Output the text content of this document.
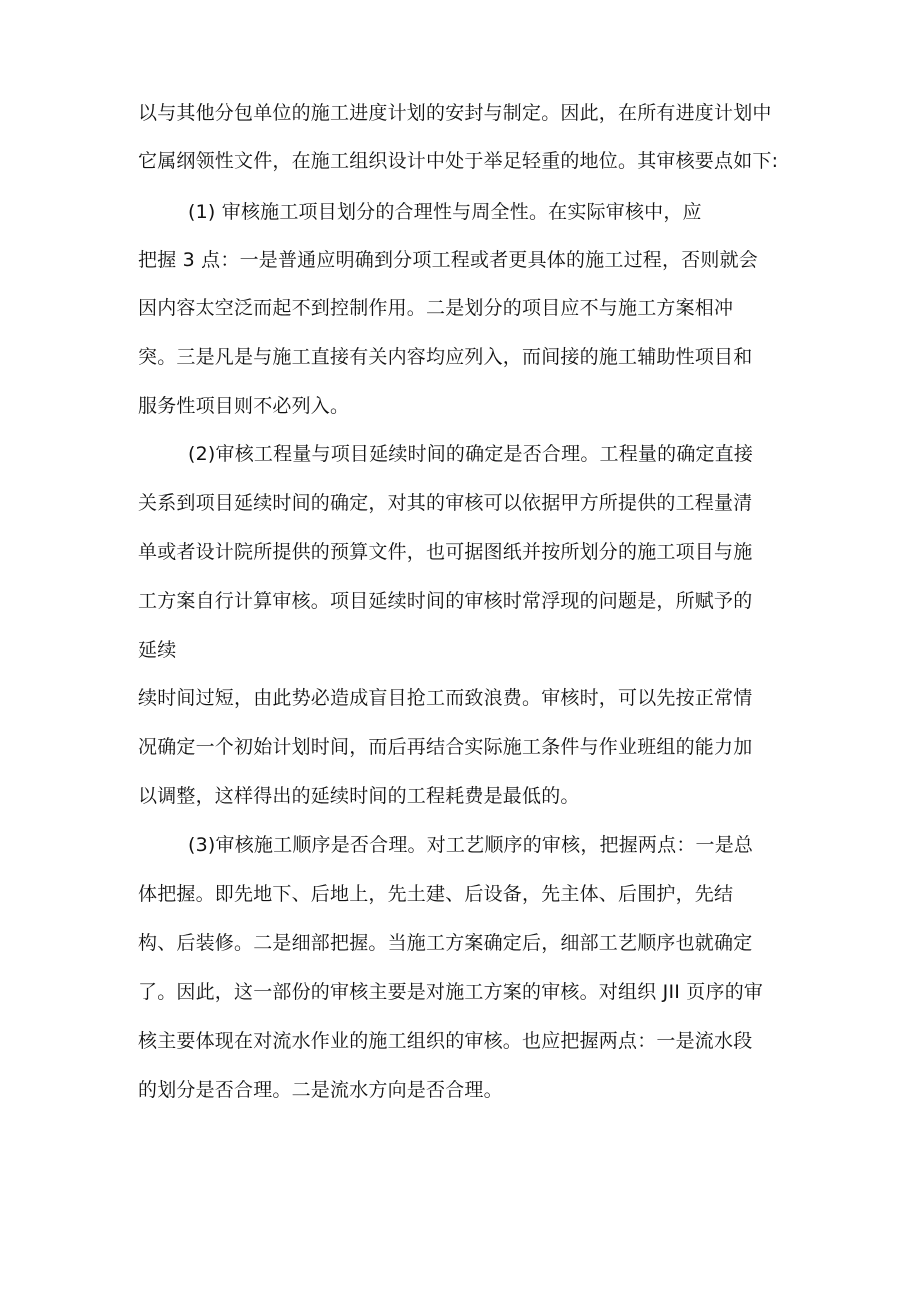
以与其他分包单位的施工进度计划的安封与制定。因此，在所有进度计划中
它属纲领性文件，在施工组织设计中处于举足轻重的地位。其审核要点如下:
(1) 审核施工项目划分的合理性与周全性。在实际审核中，应
把握 3 点：一是普通应明确到分项工程或者更具体的施工过程，否则就会
因内容太空泛而起不到控制作用。二是划分的项目应不与施工方案相冲
突。三是凡是与施工直接有关内容均应列入，而间接的施工辅助性项目和
服务性项目则不必列入。
(2)审核工程量与项目延续时间的确定是否合理。工程量的确定直接
关系到项目延续时间的确定，对其的审核可以依据甲方所提供的工程量清
单或者设计院所提供的预算文件，也可据图纸并按所划分的施工项目与施
工方案自行计算审核。项目延续时间的审核时常浮现的问题是，所赋予的
延续
续时间过短，由此势必造成盲目抢工而致浪费。审核时，可以先按正常情
况确定一个初始计划时间，而后再结合实际施工条件与作业班组的能力加
以调整，这样得出的延续时间的工程耗费是最低的。
(3)审核施工顺序是否合理。对工艺顺序的审核，把握两点：一是总
体把握。即先地下、后地上，先土建、后设备，先主体、后围护，先结
构、后装修。二是细部把握。当施工方案确定后，细部工艺顺序也就确定
了。因此，这一部份的审核主要是对施工方案的审核。对组织 JII 页序的审
核主要体现在对流水作业的施工组织的审核。也应把握两点：一是流水段
的划分是否合理。二是流水方向是否合理。
